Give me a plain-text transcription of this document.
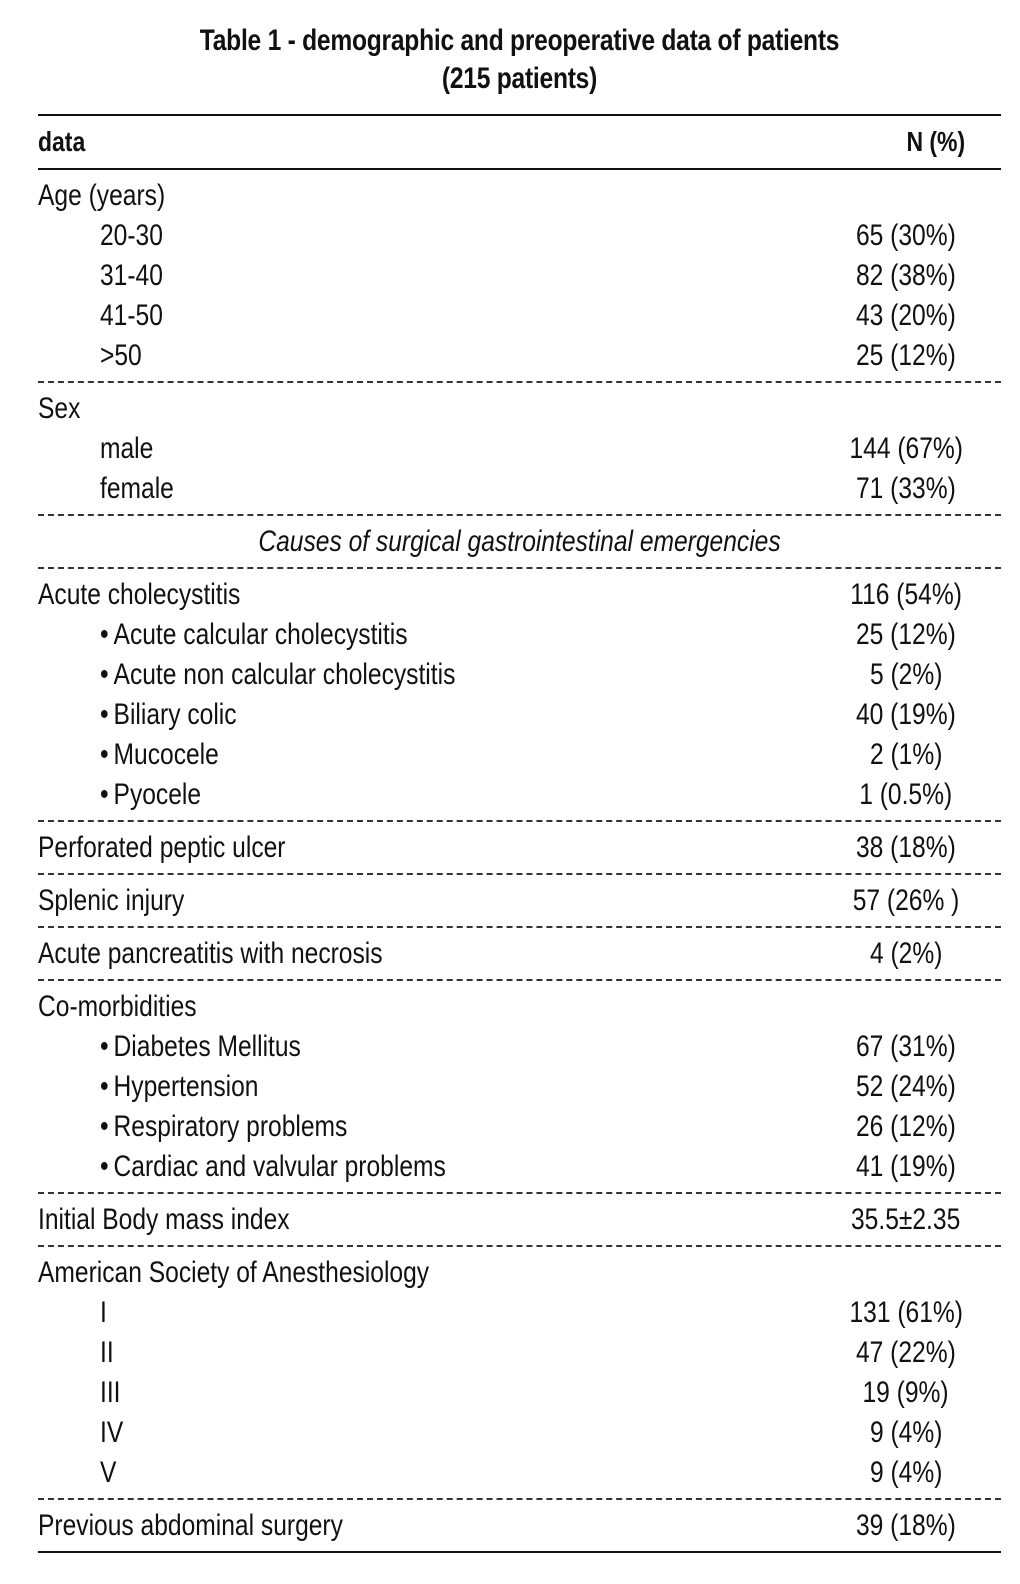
Table 1 - demographic and preoperative data of patients
(215 patients)
data	N (%)
Age (years)
20-30	65 (30%)
31-40	82 (38%)
41-50	43 (20%)
>50	25 (12%)
Sex
male	144 (67%)
female	71 (33%)
Causes of surgical gastrointestinal emergencies
Acute cholecystitis	116 (54%)
• Acute calcular cholecystitis	25 (12%)
• Acute non calcular cholecystitis	5 (2%)
• Biliary colic	40 (19%)
• Mucocele	2 (1%)
• Pyocele	1 (0.5%)
Perforated peptic ulcer	38 (18%)
Splenic injury	57 (26% )
Acute pancreatitis with necrosis	4 (2%)
Co-morbidities
• Diabetes Mellitus	67 (31%)
• Hypertension	52 (24%)
• Respiratory problems	26 (12%)
• Cardiac and valvular problems	41 (19%)
Initial Body mass index	35.5±2.35
American Society of Anesthesiology
I	131 (61%)
II	47 (22%)
III	19 (9%)
IV	9 (4%)
V	9 (4%)
Previous abdominal surgery	39 (18%)
